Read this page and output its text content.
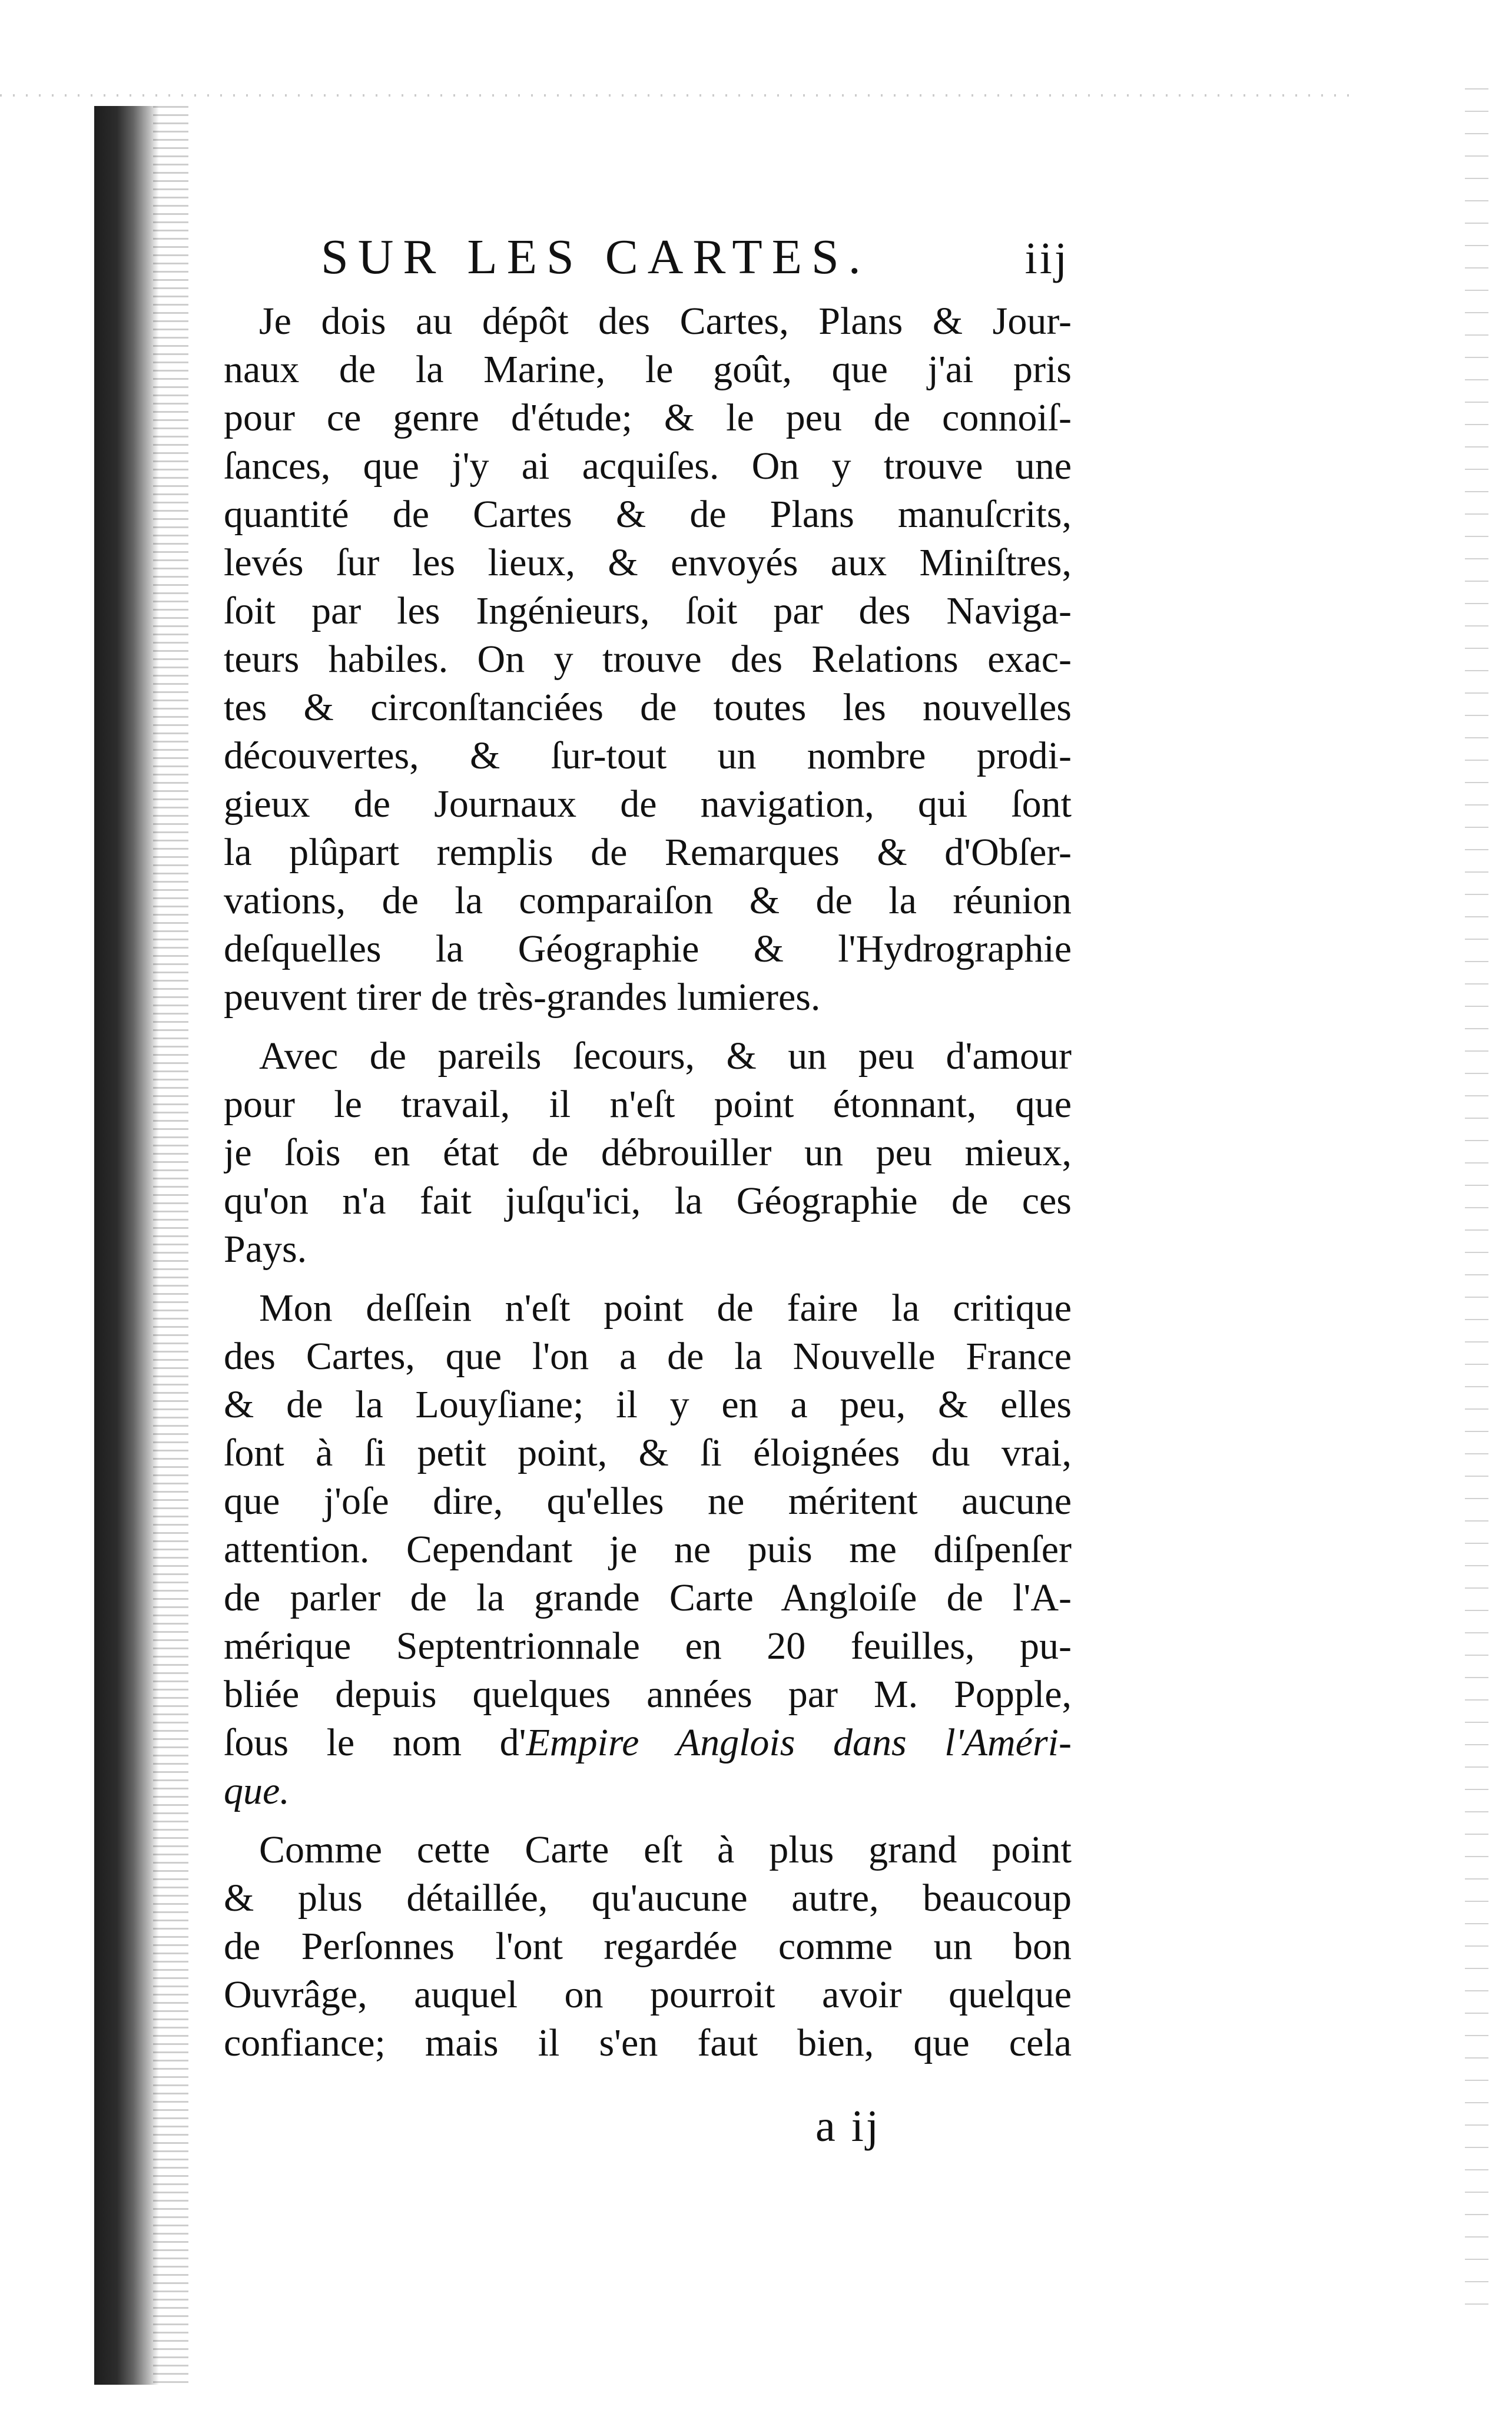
SUR LES CARTES.	iij
Je dois au dépôt des Cartes, Plans & Jour-
naux de la Marine, le goût, que j'ai pris
pour ce genre d'étude; & le peu de connoiſ-
ſances, que j'y ai acquiſes. On y trouve une
quantité de Cartes & de Plans manuſcrits,
levés ſur les lieux, & envoyés aux Miniſtres,
ſoit par les Ingénieurs, ſoit par des Naviga-
teurs habiles. On y trouve des Relations exac-
tes & circonſtanciées de toutes les nouvelles
découvertes, & ſur-tout un nombre prodi-
gieux de Journaux de navigation, qui ſont
la plûpart remplis de Remarques & d'Obſer-
vations, de la comparaiſon & de la réunion
deſquelles la Géographie & l'Hydrographie
peuvent tirer de très-grandes lumieres.
Avec de pareils ſecours, & un peu d'amour
pour le travail, il n'eſt point étonnant, que
je ſois en état de débrouiller un peu mieux,
qu'on n'a fait juſqu'ici, la Géographie de ces
Pays.
Mon deſſein n'eſt point de faire la critique
des Cartes, que l'on a de la Nouvelle France
& de la Louyſiane; il y en a peu, & elles
ſont à ſi petit point, & ſi éloignées du vrai,
que j'oſe dire, qu'elles ne méritent aucune
attention. Cependant je ne puis me diſpenſer
de parler de la grande Carte Angloiſe de l'A-
mérique Septentrionnale en 20 feuilles, pu-
bliée depuis quelques années par M. Popple,
ſous le nom d'Empire Anglois dans l'Améri-
que.
Comme cette Carte eſt à plus grand point
& plus détaillée, qu'aucune autre, beaucoup
de Perſonnes l'ont regardée comme un bon
Ouvrâge, auquel on pourroit avoir quelque
confiance; mais il s'en faut bien, que cela
a ij
